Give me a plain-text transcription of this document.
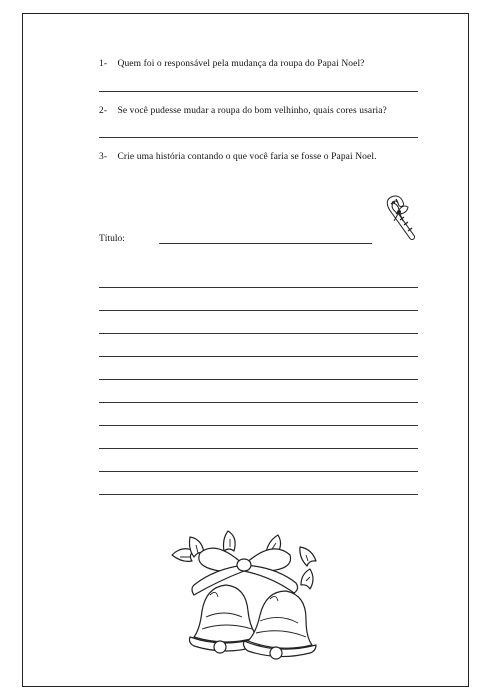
1- Quem foi o responsável pela mudança da roupa do Papai Noel?
2- Se você pudesse mudar a roupa do bom velhinho, quais cores usaria?
3- Crie uma história contando o que você faria se fosse o Papai Noel.
Título:
